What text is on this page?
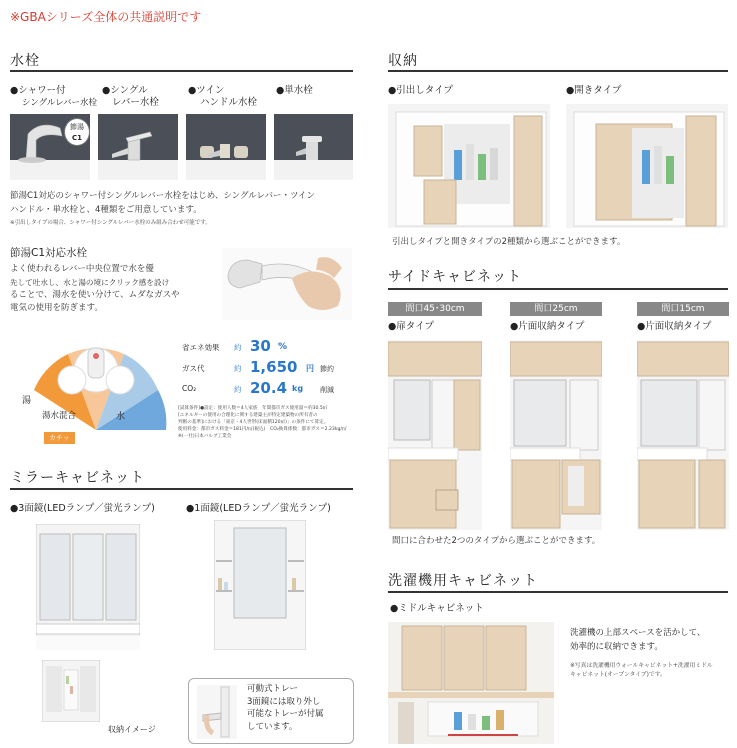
※GBAシリーズ全体の共通説明です
水栓
●シャワー付
シングルレバー水栓
●シングル
レバー水栓
●ツイン
ハンドル水栓
●単水栓
節湯
C1
節湯C1対応のシャワー付シングルレバー水栓をはじめ、シングルレバー・ツイン
ハンドル・単水栓と、4種類をご用意しています。
※引出しタイプの場合、シャワー付シングルレバー水栓のみ組み合わせ可能です。
節湯C1対応水栓
よく使われるレバー中央位置で水を優
先して吐水し、水と湯の境にクリック感を設け
ることで、湯水を使い分けて、ムダなガスや
電気の使用を防ぎます。
湯
湯水混合	水
カチッ
省エネ効果 約 30 %
ガス代	約 1,650 円 節約
CO₂	約 20.4 kg 削減
[試算条件]●設定：使用人数＝4人家族　年間都市ガス使用量＝約30.5㎥
[エネルギーの使用の合理化に関する建築主が特定建築物の所有者の
判断の基準]における「東京・4人世帯(床面積120㎡)」の条件にて算定。
使用料金：都市ガス料金＝181円/㎥(税込)　CO₂換算係数：都市ガス＝2.23kg/㎥
※(一社)日本バルブ工業会
ミラーキャビネット
●3面鏡(LEDランプ／蛍光ランプ)	●1面鏡(LEDランプ／蛍光ランプ)
収納イメージ
可動式トレー
3面鏡には取り外し
可能なトレーが付属
しています。
収納
●引出しタイプ	●開きタイプ
引出しタイプと開きタイプの2種類から選ぶことができます。
サイドキャビネット
間口45･30cm	間口25cm	間口15cm
●扉タイプ	●片面収納タイプ	●片面収納タイプ
間口に合わせた2つのタイプから選ぶことができます。
洗濯機用キャビネット
●ミドルキャビネット
洗濯機の上部スペースを活かして、
効率的に収納できます。
※写真は洗濯機用ウォールキャビネット+洗濯用ミドル
キャビネット(オープンタイプ)です。
